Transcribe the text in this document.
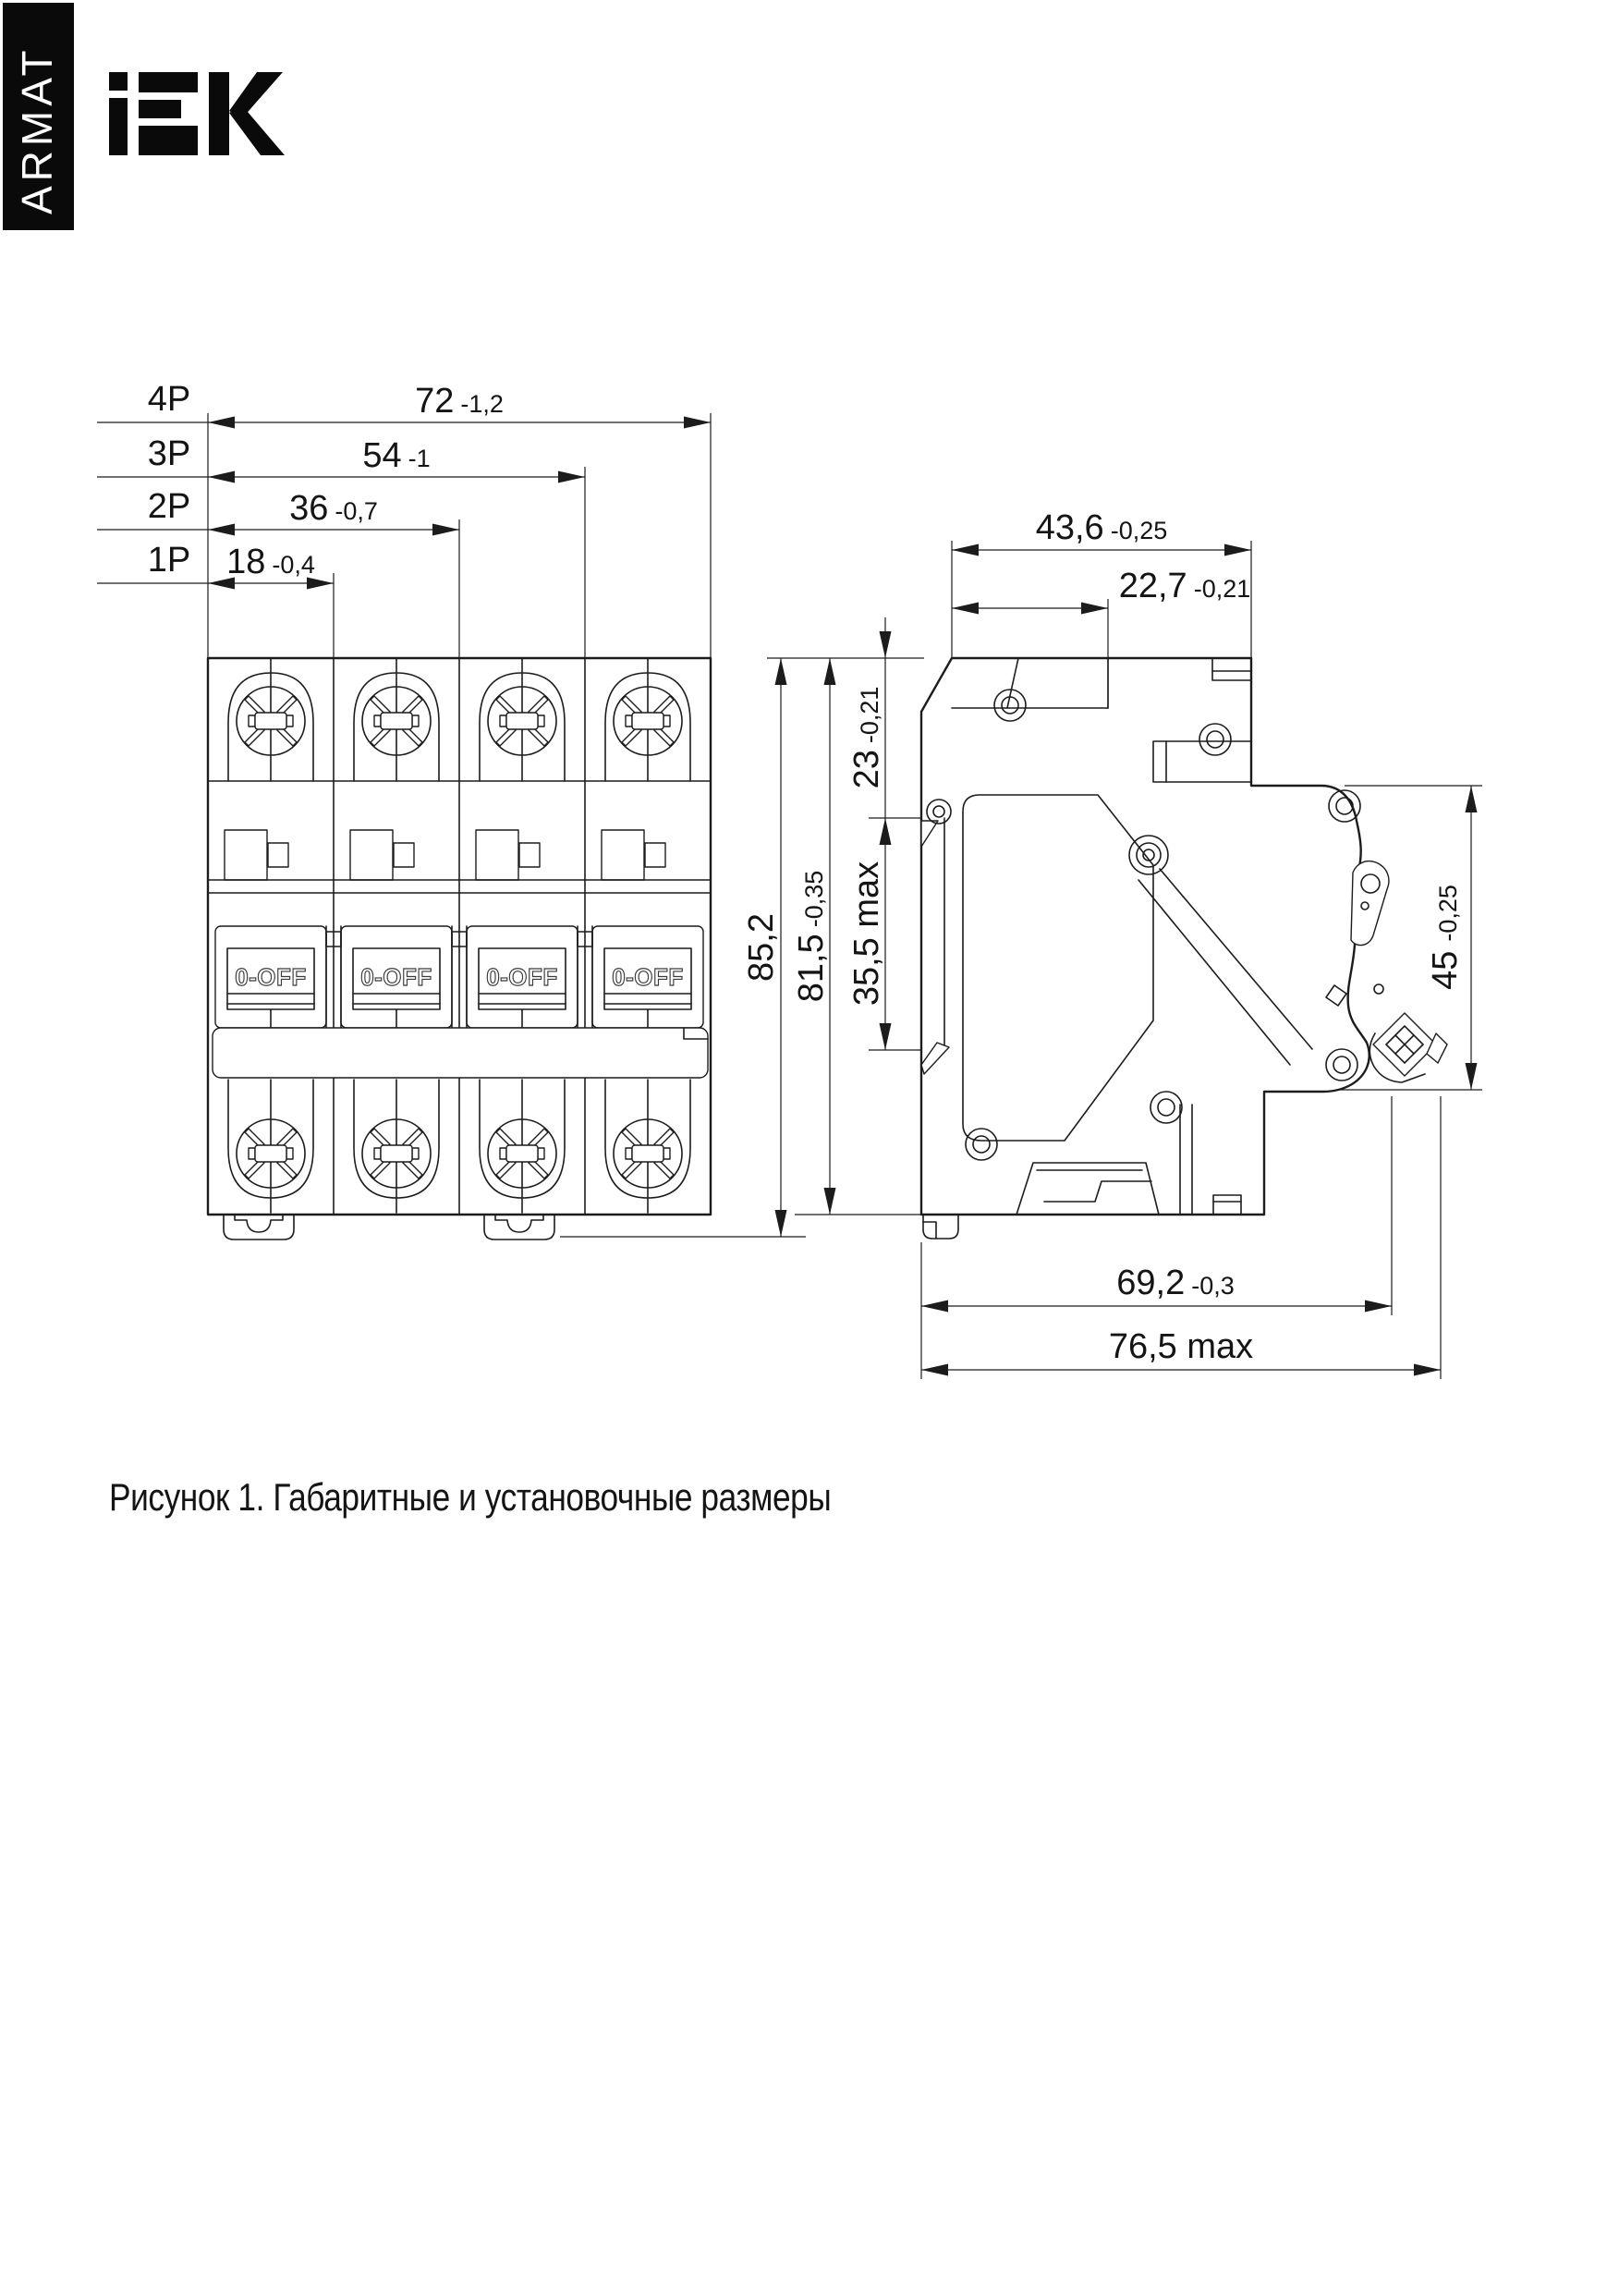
ARMAT
0-OFF 0-OFF 0-OFF 0-OFF
4P
3P
2P
1P
72 -1,2
54 -1
36 -0,7
18 -0,4
85,2 81,5-0,35
23-0,21
35,5 max
43,6 -0,25
22,7 -0,21
45-0,25
69,2 -0,3
76,5 max
Рисунок 1. Габаритные и установочные размеры
